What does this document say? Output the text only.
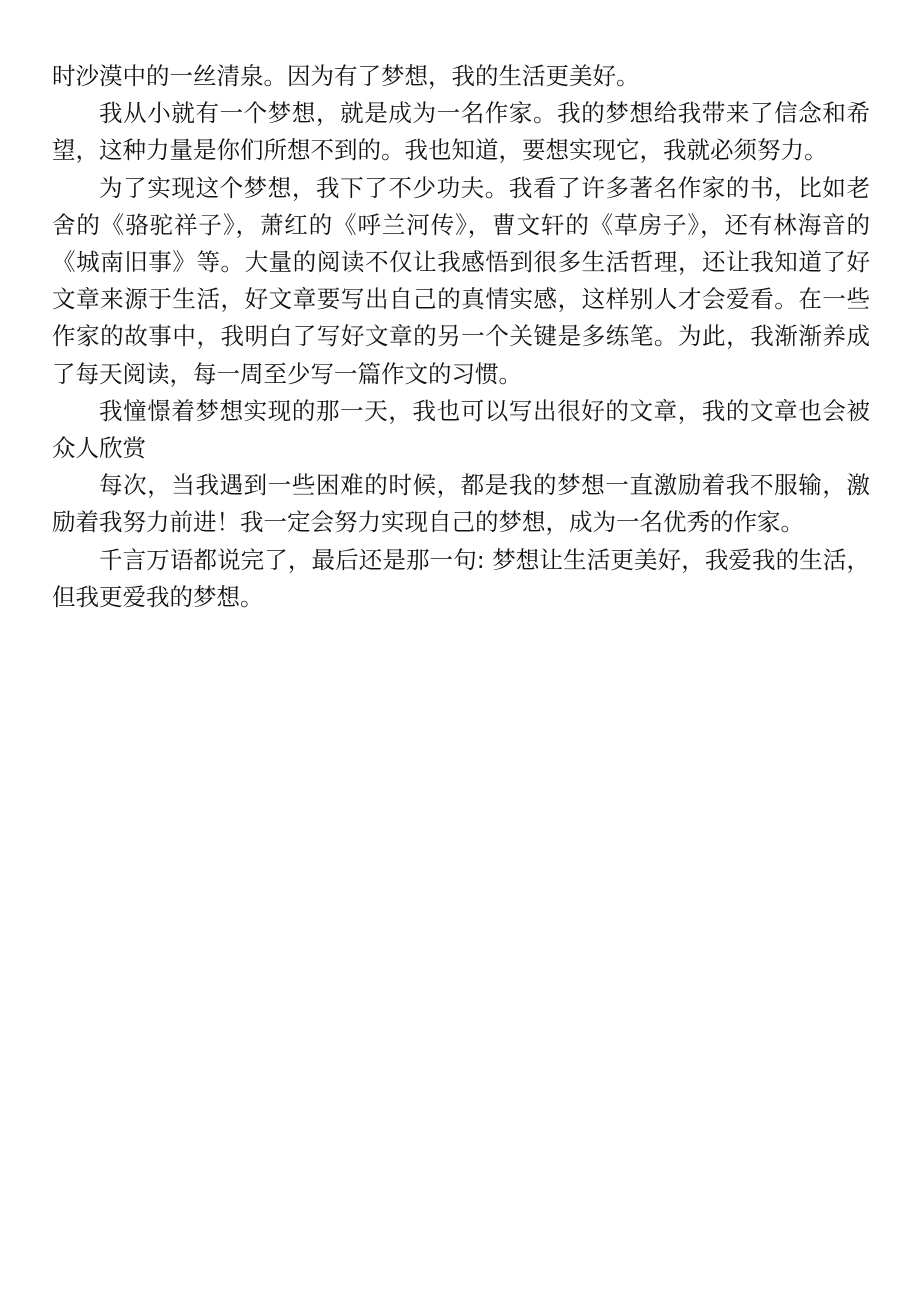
时沙漠中的一丝清泉。因为有了梦想，我的生活更美好。

我从小就有一个梦想，就是成为一名作家。我的梦想给我带来了信念和希望，这种力量是你们所想不到的。我也知道，要想实现它，我就必须努力。

为了实现这个梦想，我下了不少功夫。我看了许多著名作家的书，比如老舍的《骆驼祥子》，萧红的《呼兰河传》，曹文轩的《草房子》，还有林海音的《城南旧事》等。大量的阅读不仅让我感悟到很多生活哲理，还让我知道了好文章来源于生活，好文章要写出自己的真情实感，这样别人才会爱看。在一些作家的故事中，我明白了写好文章的另一个关键是多练笔。为此，我渐渐养成了每天阅读，每一周至少写一篇作文的习惯。

我憧憬着梦想实现的那一天，我也可以写出很好的文章，我的文章也会被众人欣赏

每次，当我遇到一些困难的时候，都是我的梦想一直激励着我不服输，激励着我努力前进！我一定会努力实现自己的梦想，成为一名优秀的作家。

千言万语都说完了，最后还是那一句: 梦想让生活更美好，我爱我的生活，但我更爱我的梦想。
